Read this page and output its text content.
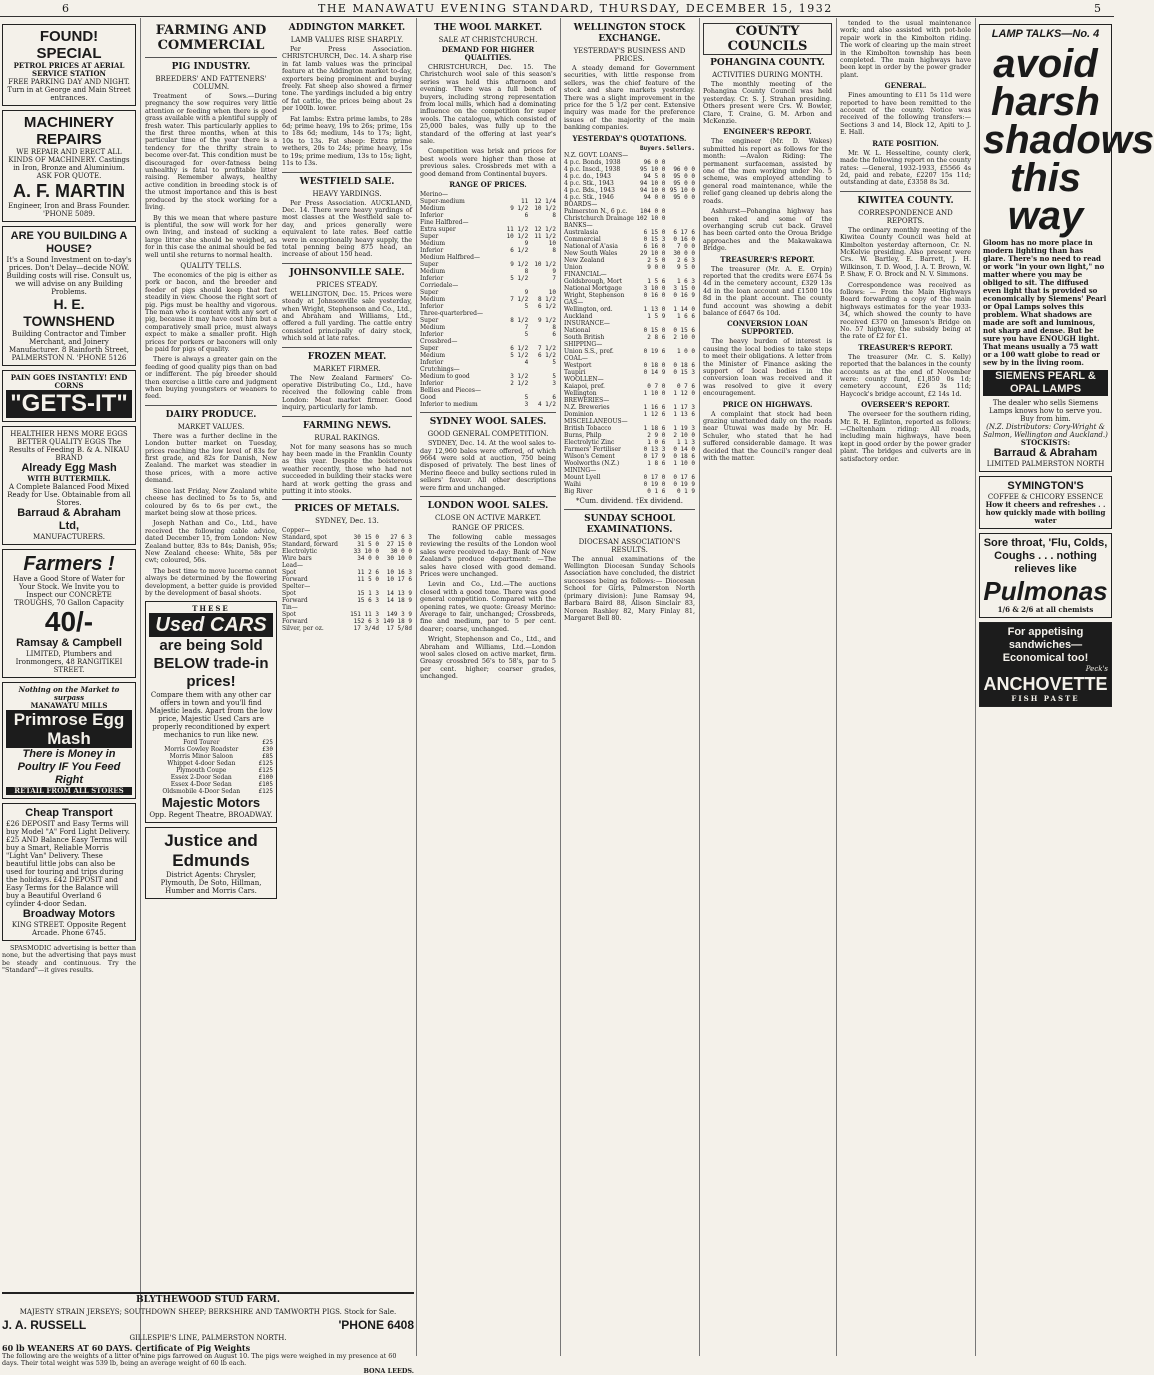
6	THE MANAWATU EVENING STANDARD, THURSDAY, DECEMBER 15, 1932	5
FOUND! SPECIAL
PETROL PRICES AT AERIAL SERVICE STATION
FREE PARKING DAY AND NIGHT. Turn in at George and Main Street entrances.
MACHINERY REPAIRS
WE REPAIR AND ERECT ALL KINDS OF MACHINERY. Castings in Iron, Bronze and Aluminium. ASK FOR QUOTE.
A. F. MARTIN
Engineer, Iron and Brass Founder. 'PHONE 5089.
ARE YOU BUILDING A HOUSE?
It's a Sound Investment on to-day's prices. Don't Delay—decide NOW. Building costs will rise. Consult us, we will advise on any Building Problems.
H. E. TOWNSHEND
Building Contractor and Timber Merchant, and Joinery Manufacturer. 8 Rainforth Street, PALMERSTON N. 'PHONE 5126
PAIN GOES INSTANTLY! END CORNS
"GETS-IT"
HEALTHIER HENS MORE EGGS BETTER QUALITY EGGS The Results of Feeding B. & A. NIKAU BRAND
Already Egg Mash
WITH BUTTERMILK.
A Complete Balanced Food Mixed Ready for Use. Obtainable from all Stores.
Barraud & Abraham Ltd,
MANUFACTURERS.
Farmers !
Have a Good Store of Water for Your Stock. We Invite you to Inspect our CONCRETE TROUGHS, 70 Gallon Capacity
40/-
Ramsay & Campbell
LIMITED, Plumbers and Ironmongers, 48 RANGITIKEI STREET.
Nothing on the Market to surpass
MANAWATU MILLS
Primrose Egg Mash
There is Money in Poultry IF You Feed Right
RETAIL FROM ALL STORES
Cheap Transport
£26 DEPOSIT and Easy Terms will buy Model "A" Ford Light Delivery. £25 AND Balance Easy Terms will buy a Smart, Reliable Morris "Light Van" Delivery. These beautiful little jobs can also be used for touring and trips during the holidays. £42 DEPOSIT and Easy Terms for the Balance will buy a Beautiful Overland 6 cylinder 4-door Sedan.
Broadway Motors
KING STREET. Opposite Regent Arcade. Phone 6745.

SPASMODIC advertising is better than none, but the advertising that pays must be steady and continuous. Try the "Standard"—it gives results.

FARMING AND COMMERCIAL
PIG INDUSTRY.
BREEDERS' AND FATTENERS' COLUMN.

Treatment of Sows.—During pregnancy the sow requires very little attention or feeding when there is good grass available with a plentiful supply of fresh water. This particularly applies to the first three months, when at this particular time of the year there is a tendency for the thrifty strain to become over-fat. This condition must be discouraged for over-fatness being unhealthy is fatal to profitable litter raising. Remember always, healthy active condition in breeding stock is of the utmost importance and this is best produced by the stock working for a living.

By this we mean that where pasture is plentiful, the sow will work for her own living, and instead of sucking a large litter she should be weighed, as for in this case the animal should be fed well until she returns to normal health.

QUALITY TELLS.

The economics of the pig is either as pork or bacon, and the breeder and feeder of pigs should keep that fact steadily in view. Choose the right sort of pig. Pigs must be healthy and vigorous. The man who is content with any sort of pig, because it may have cost him but a comparatively small price, must always expect to make a smaller profit. High prices for porkers or baconers will only be paid for pigs of quality.

There is always a greater gain on the feeding of good quality pigs than on bad or indifferent. The pig breeder should then exercise a little care and judgment when buying youngsters or weaners to feed.

DAIRY PRODUCE.
MARKET VALUES.

There was a further decline in the London butter market on Tuesday, prices reaching the low level of 83s for first grade, and 82s for Danish, New Zealand. The market was steadier in those prices, with a more active demand.

Since last Friday, New Zealand white cheese has declined to 5s to 5s, and coloured by 6s to 6s per cwt., the market being slow at those prices.

Joseph Nathan and Co., Ltd., have received the following cable advice, dated December 15, from London: New Zealand butter, 83s to 84s; Danish, 95s; New Zealand cheese: White, 58s per cwt; coloured, 56s.

The best time to move lucerne cannot always be determined by the flowering development, a better guide is provided by the development of basal shoots.

THESE
Used CARS
are being Sold BELOW trade-in prices!
Compare them with any other car offers in town and you'll find Majestic leads. Apart from the low price, Majestic Used Cars are properly reconditioned by expert mechanics to run like new.
Ford Tourer	£25
Morris Cowley Roadster	£30
Morris Minor Saloon	£85
Whippet 4-door Sedan	£125
Plymouth Coupe	£125
Essex 2-Door Sedan	£100
Essex 4-Door Sedan	£105
Oldsmobile 4-Door Sedan	£125
Majestic Motors
Opp. Regent Theatre, BROADWAY.
Justice and Edmunds
District Agents: Chrysler, Plymouth, De Soto, Hillman, Humber and Morris Cars.
ADDINGTON MARKET.
LAMB VALUES RISE SHARPLY.

Per Press Association. CHRISTCHURCH, Dec. 14. A sharp rise in fat lamb values was the principal feature at the Addington market to-day, exporters being prominent and buying freely. Fat sheep also showed a firmer tone. The yardings included a big entry of fat cattle, the prices being about 2s per 100lb. lower.

Fat lambs: Extra prime lambs, to 28s 6d; prime heavy, 19s to 26s; prime, 15s to 18s 6d; medium, 14s to 17s; light, 10s to 13s. Fat sheep: Extra prime wethers, 20s to 24s; prime heavy, 15s to 19s; prime medium, 13s to 15s; light, 11s to 13s.

WESTFIELD SALE.
HEAVY YARDINGS.

Per Press Association. AUCKLAND, Dec. 14. There were heavy yardings of most classes at the Westfield sale to-day, and prices generally were equivalent to late rates. Beef cattle were in exceptionally heavy supply, the total penning being 875 head, an increase of about 150 head.

JOHNSONVILLE SALE.
PRICES STEADY.

WELLINGTON, Dec. 15. Prices were steady at Johnsonville sale yesterday, when Wright, Stephenson and Co., Ltd., and Abraham and Williams, Ltd., offered a full yarding. The cattle entry consisted principally of dairy stock, which sold at late rates.

FROZEN MEAT.
MARKET FIRMER.

The New Zealand Farmers' Co-operative Distributing Co., Ltd., have received the following cable from London: Meat market firmer. Good inquiry, particularly for lamb.

FARMING NEWS.
RURAL RAKINGS.

Not for many seasons has so much hay been made in the Franklin County as this year. Despite the boisterous weather recently, those who had not succeeded in building their stacks were hard at work getting the grass and putting it into stooks.

PRICES OF METALS.
SYDNEY, Dec. 13.
Copper—		
Standard, spot	30 15 0	27 6 3
Standard, forward	31 5 0	27 15 0
Electrolytic	33 10 0	30 0 0
Wire bars	34 0 0	30 10 0
Lead—		
Spot	11 2 6	10 16 3
Forward	11 5 0	10 17 6
Spelter—		
Spot	15 1 3	14 13 9
Forward	15 6 3	14 18 9
Tin—		
Spot	151 11 3	149 3 9
Forward	152 6 3	149 18 9
Silver, per oz.	17 3/4d	17 5/8d
THE WOOL MARKET.
SALE AT CHRISTCHURCH.
DEMAND FOR HIGHER QUALITIES.

CHRISTCHURCH, Dec. 15. The Christchurch wool sale of this season's series was held this afternoon and evening. There was a full bench of buyers, including strong representation from local mills, which had a dominating influence on the competition for super wools. The catalogue, which consisted of 25,000 bales, was fully up to the standard of the offering at last year's sale.

Competition was brisk and prices for best wools were higher than those at previous sales. Crossbreds met with a good demand from Continental buyers.

RANGE OF PRICES.
Merino—		
Super-medium	11	12 1/4
Medium	9 1/2	10 1/2
Inferior	6	8
Fine Halfbred—		
Extra super	11 1/2	12 1/2
Super	10 1/2	11 1/2
Medium	9	10
Inferior	6 1/2	8
Medium Halfbred—		
Super	9 1/2	10 1/2
Medium	8	9
Inferior	5 1/2	7
Corriedale—		
Super	9	10
Medium	7 1/2	8 1/2
Inferior	5	6 1/2
Three-quarterbred—		
Super	8 1/2	9 1/2
Medium	7	8
Inferior	5	6
Crossbred—		
Super	6 1/2	7 1/2
Medium	5 1/2	6 1/2
Inferior	4	5
Crutchings—		
Medium to good	3 1/2	5
Inferior	2 1/2	3
Bellies and Pieces—		
Good	5	6
Inferior to medium	3	4 1/2
SYDNEY WOOL SALES.
GOOD GENERAL COMPETITION.

SYDNEY, Dec. 14. At the wool sales to-day 12,960 bales were offered, of which 9664 were sold at auction, 750 being disposed of privately. The best lines of Merino fleece and bulky sections ruled in sellers' favour. All other descriptions were firm and unchanged.

LONDON WOOL SALES.
CLOSE ON ACTIVE MARKET.
RANGE OF PRICES.

The following cable messages reviewing the results of the London wool sales were received to-day: Bank of New Zealand's produce department: —The sales have closed with good demand. Prices were unchanged.

Levin and Co., Ltd.—The auctions closed with a good tone. There was good general competition. Compared with the opening rates, we quote: Greasy Merino: Average to fair, unchanged; Crossbreds, fine and medium, par to 5 per cent. dearer; coarse, unchanged.

Wright, Stephenson and Co., Ltd., and Abraham and Williams, Ltd.—London wool sales closed on active market, firm. Greasy crossbred 56's to 58's, par to 5 per cent. higher; coarser grades, unchanged.

WELLINGTON STOCK EXCHANGE.
YESTERDAY'S BUSINESS AND PRICES.

A steady demand for Government securities, with little response from sellers, was the chief feature of the stock and share markets yesterday. There was a slight improvement in the price for the 5 1/2 per cent. Extensive inquiry was made for the preference issues of the majority of the main banking companies.

YESTERDAY'S QUOTATIONS.
	Buyers.	Sellers.
N.Z. GOVT. LOANS—		
4 p.c. Bonds, 1938	96 0 0	
4 p.c. Inscd., 1938	95 10 0	96 0 0
4 p.c. do., 1943	94 5 0	95 0 0
4 p.c. Stk., 1943	94 10 0	95 0 0
4 p.c. Bds., 1943	94 10 0	95 10 0
4 p.c. Stk., 1946	94 0 0	95 0 0
BOARDS—		
Palmerston N., 6 p.c.	104 0 0	
Christchurch Drainage	102 10 0	
BANKS—		
Australasia	6 15 0	6 17 6
Commercial	0 15 3	0 16 0
National of A'asia	6 16 0	7 0 0
New South Wales	29 10 0	30 0 0
New Zealand	2 5 0	2 6 3
Union	9 0 0	9 5 0
FINANCIAL—		
Goldsbrough, Mort	1 5 6	1 6 3
National Mortgage	3 10 0	3 15 0
Wright, Stephenson	0 16 0	0 16 9
GAS—		
Wellington, ord.	1 13 0	1 14 0
Auckland	1 5 9	1 6 6
INSURANCE—		
National	0 15 0	0 15 6
South British	2 8 6	2 10 0
SHIPPING—		
Union S.S., pref.	0 19 6	1 0 0
COAL—		
Westport	0 18 0	0 18 6
Taupiri	0 14 9	0 15 3
WOOLLEN—		
Kaiapoi, pref.	0 7 0	0 7 6
Wellington	1 10 0	1 12 0
BREWERIES—		
N.Z. Breweries	1 16 6	1 17 3
Dominion	1 12 6	1 13 6
MISCELLANEOUS—		
British Tobacco	1 18 6	1 19 3
Burns, Philp	2 9 0	2 10 0
Electrolytic Zinc	1 0 6	1 1 3
Farmers' Fertiliser	0 13 3	0 14 0
Wilson's Cement	0 17 9	0 18 6
Woolworths (N.Z.)	1 8 6	1 10 0
MINING—		
Mount Lyell	0 17 0	0 17 6
Waihi	0 19 0	0 19 9
Big River	0 1 6	0 1 9
*Cum. dividend. †Ex dividend.
SUNDAY SCHOOL EXAMINATIONS.
DIOCESAN ASSOCIATION'S RESULTS.

The annual examinations of the Wellington Diocesan Sunday Schools Association have concluded, the district successes being as follows:— Diocesan School for Girls, Palmerston North (primary division): June Ramsay 94, Barbara Baird 88, Alison Sinclair 83, Noreen Rashley 82, Mary Finlay 81, Margaret Bell 80.

COUNTY COUNCILS
POHANGINA COUNTY.
ACTIVITIES DURING MONTH.

The monthly meeting of the Pohangina County Council was held yesterday. Cr. S. J. Strahan presiding. Others present were Crs. W. Bowler, Clare, T. Craine, G. M. Arbon and McKenzie.

ENGINEER'S REPORT.

The engineer (Mr. D. Wakes) submitted his report as follows for the month: —Avalon Riding: The permanent surfaceman, assisted by one of the men working under No. 5 scheme, was employed attending to general road maintenance, while the relief gang cleaned up debris along the roads.

Ashhurst—Pohangina highway has been raked and some of the overhanging scrub cut back. Gravel has been carted onto the Oroua Bridge approaches and the Makawakawa Bridge.

TREASURER'S REPORT.

The treasurer (Mr. A. E. Orpin) reported that the credits were £674 5s 4d in the cemetery account, £329 13s 4d in the loan account and £1500 10s 8d in the plant account. The county fund account was showing a debit balance of £647 6s 10d.

CONVERSION LOAN SUPPORTED.

The heavy burden of interest is causing the local bodies to take steps to meet their obligations. A letter from the Minister of Finance asking the support of local bodies in the conversion loan was received and it was resolved to give it every encouragement.

PRICE ON HIGHWAYS.

A complaint that stock had been grazing unattended daily on the roads near Utuwai was made by Mr. H. Schuler, who stated that he had suffered considerable damage. It was decided that the Council's ranger deal with the matter.

tended to the usual maintenance work; and also assisted with pot-hole repair work in the Kimbolton riding. The work of clearing up the main street in the Kimbolton township has been completed. The main highways have been kept in order by the power grader plant.

GENERAL.

Fines amounting to £11 5s 11d were reported to have been remitted to the account of the county. Notice was received of the following transfers:—Sections 3 and 14, Block 12, Apiti to J. E. Hall.

RATE POSITION.

Mr. W. L. Hesseltine, county clerk, made the following report on the county rates: —General, 1932-1933, £5566 4s 2d, paid and rebate, £2207 15s 11d; outstanding at date, £3358 8s 3d.

KIWITEA COUNTY.
CORRESPONDENCE AND REPORTS.

The ordinary monthly meeting of the Kiwitea County Council was held at Kimbolton yesterday afternoon, Cr. N. McKelvie presiding. Also present were Crs. W. Bartley, E. Barrett, J. H. Wilkinson, T. D. Wood, J. A. T. Brown, W. P. Shaw, F. O. Brock and N. V. Simmons.

Correspondence was received as follows: — From the Main Highways Board forwarding a copy of the main highways estimates for the year 1933-34, which showed the county to have received £370 on Jameson's Bridge on No. 57 highway, the subsidy being at the rate of £2 for £1.

TREASURER'S REPORT.

The treasurer (Mr. C. S. Kelly) reported that the balances in the county accounts as at the end of November were: county fund, £1,850 0s 1d; cemetery account, £26 3s 11d; Haycock's bridge account, £2 14s 1d.

OVERSEER'S REPORT.

The overseer for the southern riding, Mr. R. H. Eglinton, reported as follows: —Cheltenham riding: All roads, including main highways, have been kept in good order by the power grader plant. The bridges and culverts are in satisfactory order.

LAMP TALKS—No. 4
avoid harsh shadows this way
Gloom has no more place in modern lighting than has glare. There's no need to read or work "in your own light," no matter where you may be obliged to sit. The diffused even light that is provided so economically by Siemens' Pearl or Opal Lamps solves this problem. What shadows are made are soft and luminous, not sharp and dense. But be sure you have ENOUGH light. That means usually a 75 watt or a 100 watt globe to read or sew by in the living room.
SIEMENS PEARL & OPAL LAMPS
The dealer who sells Siemens Lamps knows how to serve you. Buy from him.
(N.Z. Distributors: Cory-Wright & Salmon, Wellington and Auckland.)
STOCKISTS:
Barraud & Abraham
LIMITED PALMERSTON NORTH
SYMINGTON'S
COFFEE & CHICORY ESSENCE
How it cheers and refreshes . . how quickly made with boiling water
Sore throat, 'Flu, Colds, Coughs . . . nothing relieves like
Pulmonas
1/6 & 2/6 at all chemists
For appetising sandwiches— Economical too!
Peck's
ANCHOVETTE
FISH PASTE
BLYTHEWOOD STUD FARM.
MAJESTY STRAIN JERSEYS; SOUTHDOWN SHEEP; BERKSHIRE AND TAMWORTH PIGS. Stock for Sale.
J. A. RUSSELL	'PHONE 6408
GILLESPIE'S LINE, PALMERSTON NORTH.
60 lb WEANERS AT 60 DAYS. Certificate of Pig Weights
The following are the weights of a litter of nine pigs farrowed on August 10. The pigs were weighed in my presence at 60 days. Their total weight was 539 lb, being an average weight of 60 lb each.
BONA LEEDS.
